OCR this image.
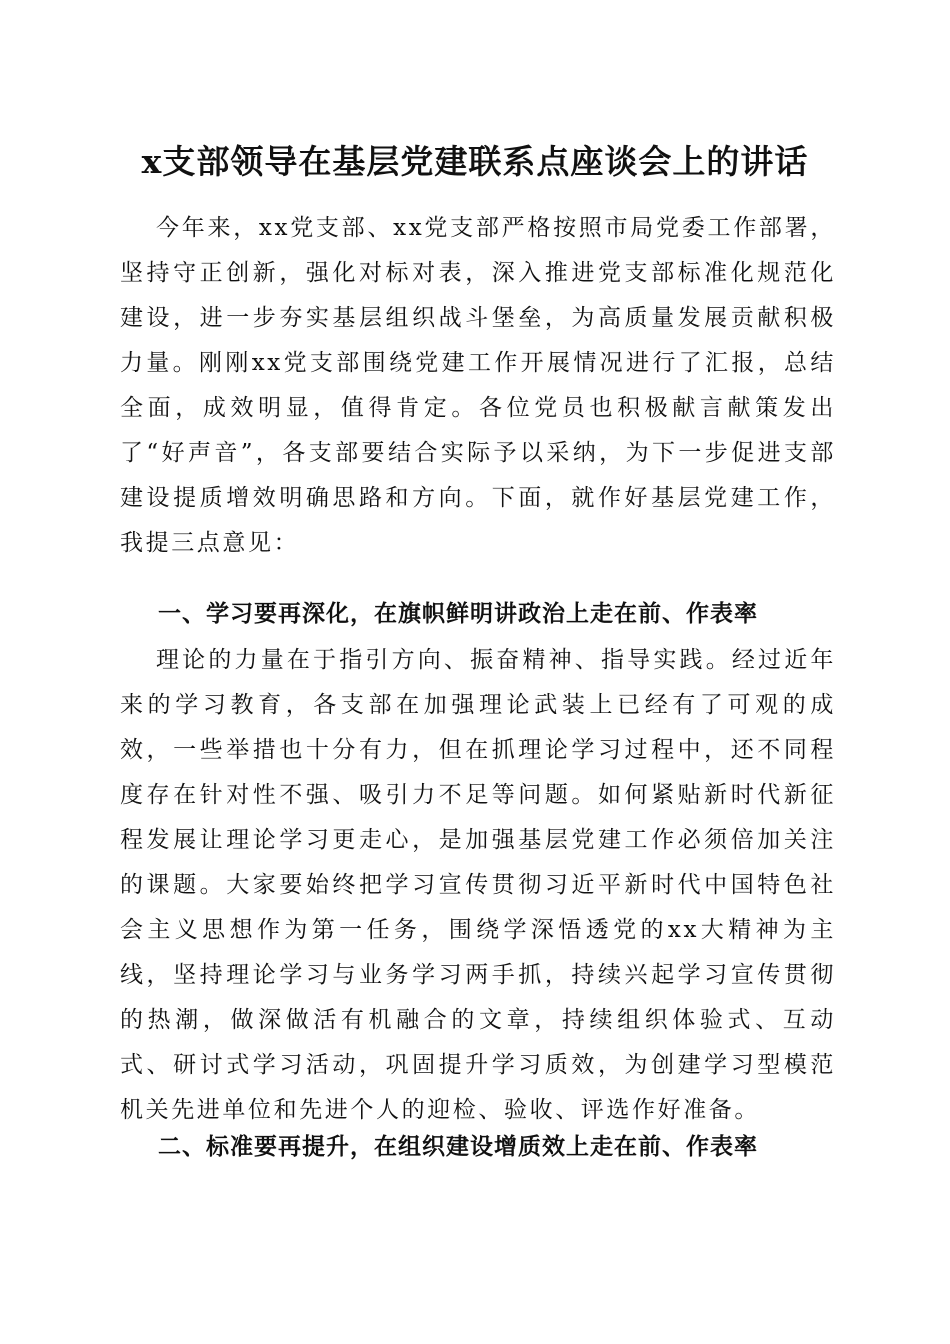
x支部领导在基层党建联系点座谈会上的讲话

今年来，xx党支部、xx党支部严格按照市局党委工作部署，坚持守正创新，强化对标对表，深入推进党支部标准化规范化建设，进一步夯实基层组织战斗堡垒，为高质量发展贡献积极力量。刚刚xx党支部围绕党建工作开展情况进行了汇报，总结全面，成效明显，值得肯定。各位党员也积极献言献策发出了“好声音”，各支部要结合实际予以采纳，为下一步促进支部建设提质增效明确思路和方向。下面，就作好基层党建工作，我提三点意见：

一、学习要再深化，在旗帜鲜明讲政治上走在前、作表率

理论的力量在于指引方向、振奋精神、指导实践。经过近年来的学习教育，各支部在加强理论武装上已经有了可观的成效，一些举措也十分有力，但在抓理论学习过程中，还不同程度存在针对性不强、吸引力不足等问题。如何紧贴新时代新征程发展让理论学习更走心，是加强基层党建工作必须倍加关注的课题。大家要始终把学习宣传贯彻习近平新时代中国特色社会主义思想作为第一任务，围绕学深悟透党的xx大精神为主线，坚持理论学习与业务学习两手抓，持续兴起学习宣传贯彻的热潮，做深做活有机融合的文章，持续组织体验式、互动式、研讨式学习活动，巩固提升学习质效，为创建学习型模范机关先进单位和先进个人的迎检、验收、评选作好准备。

二、标准要再提升，在组织建设增质效上走在前、作表率
